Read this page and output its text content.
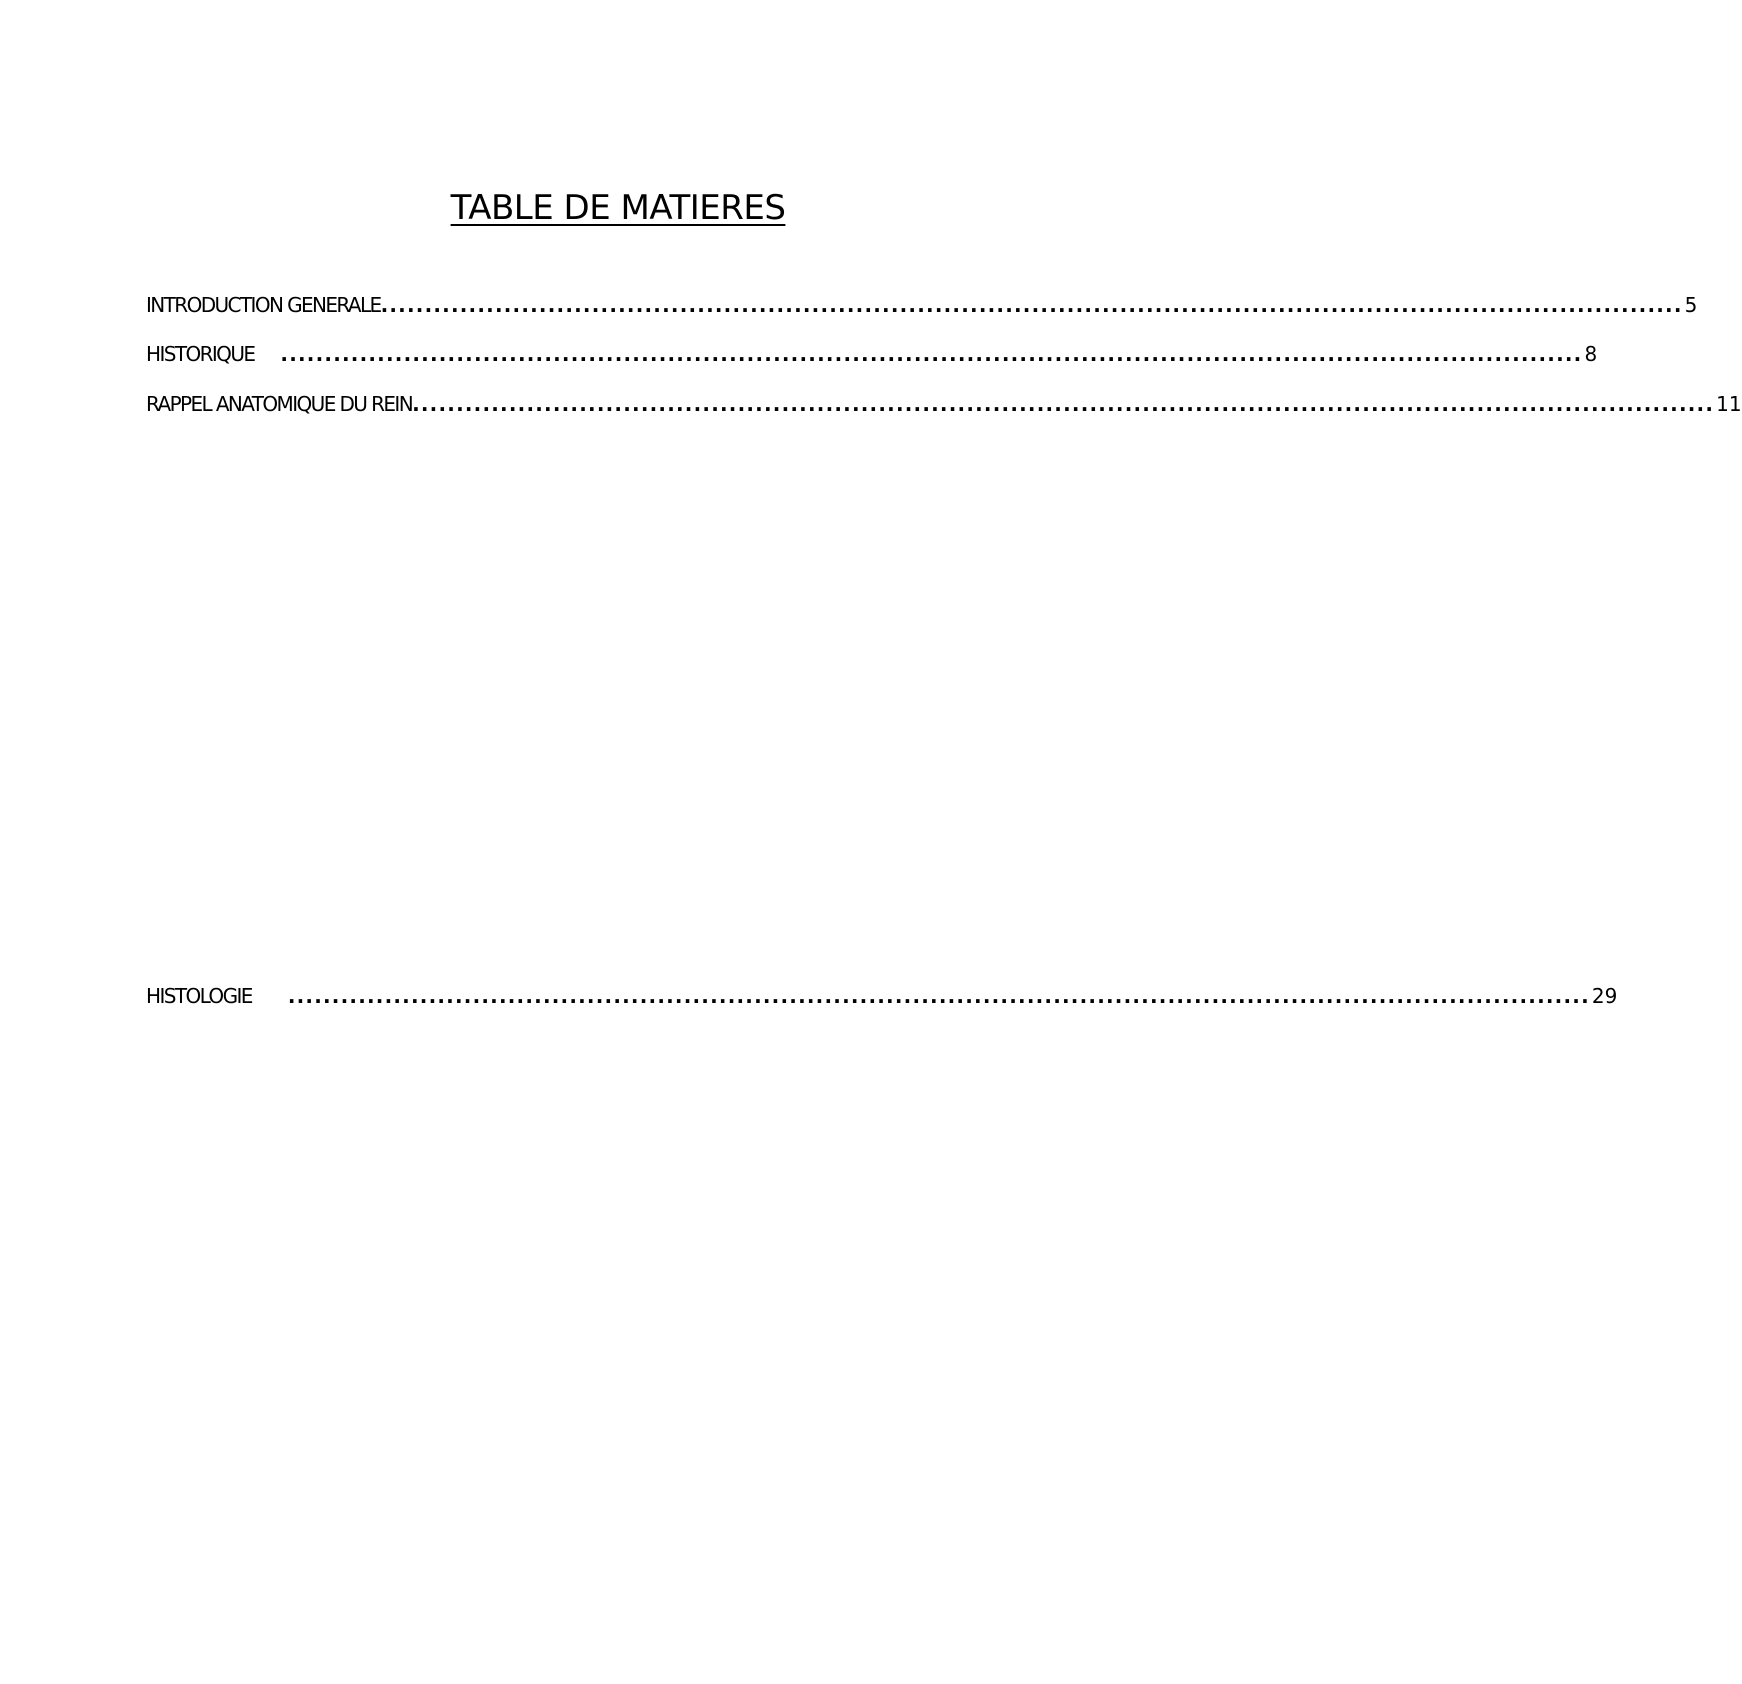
TABLE DE MATIERES
INTRODUCTION GENERALE .................................................................................................................................................... 5
HISTORIQUE .................................................................................................................................................... 8
RAPPEL ANATOMIQUE DU REIN .................................................................................................................................................... 11
HISTOLOGIE .................................................................................................................................................... 29
